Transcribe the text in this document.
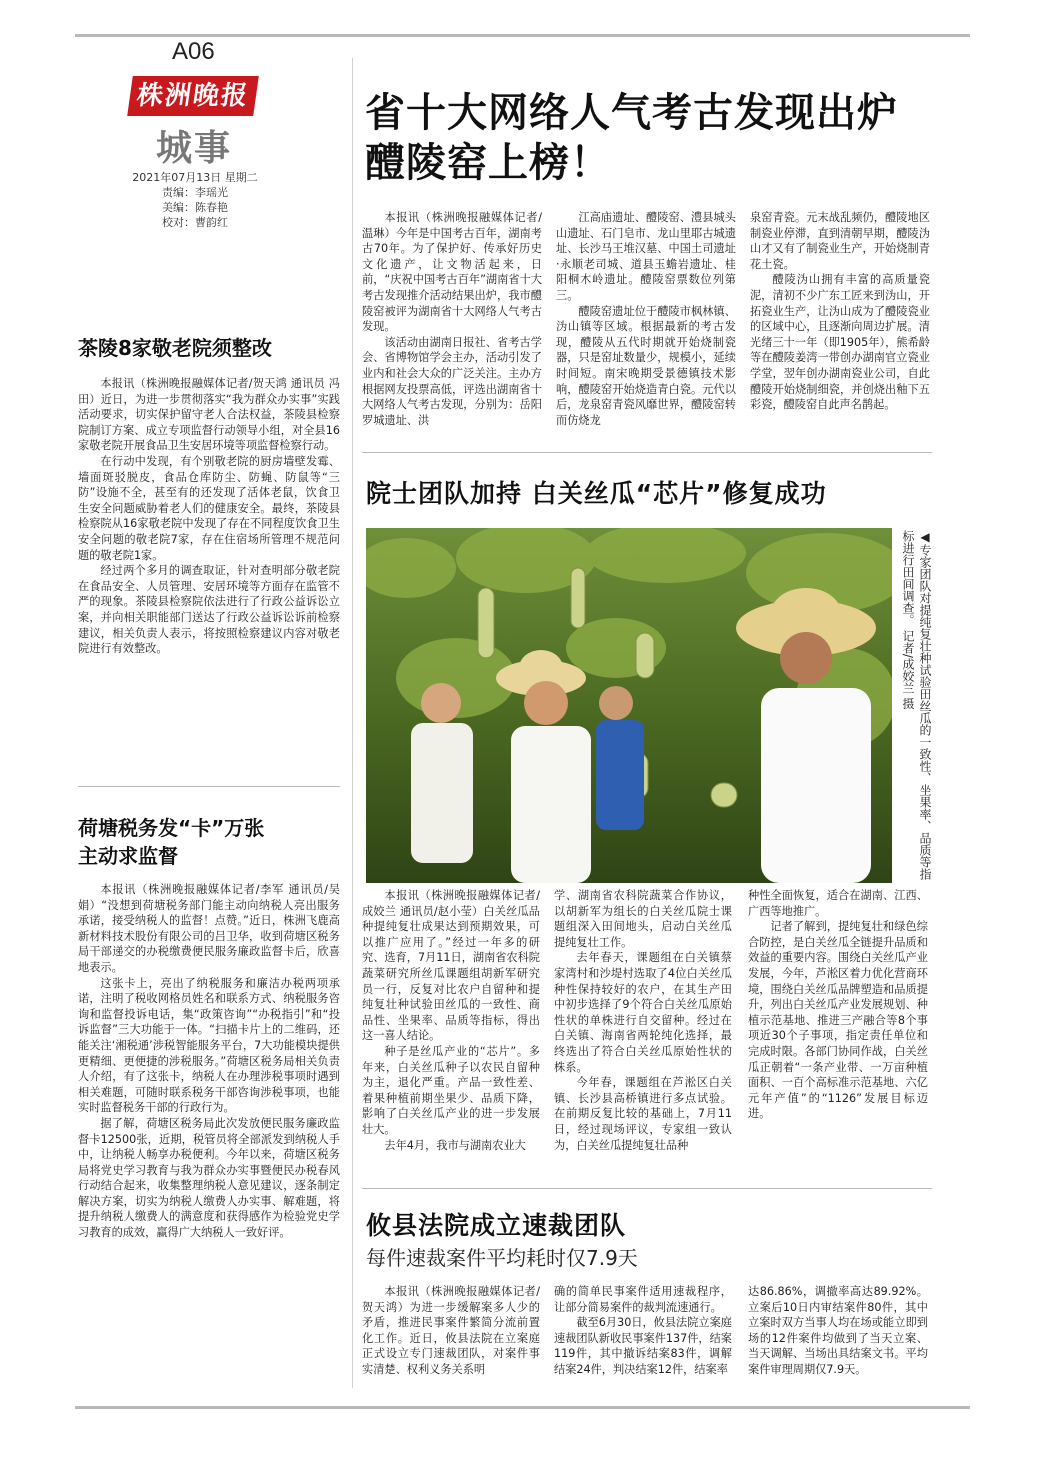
A06
株洲晚报
城事
2021年07月13日 星期二
责编：李瑶光
美编：陈春艳
校对：曹韵红
省十大网络人气考古发现出炉
醴陵窑上榜！

本报讯（株洲晚报融媒体记者/温琳）今年是中国考古百年，湖南考古70年。为了保护好、传承好历史文化遗产，让文物活起来，日前，“庆祝中国考古百年”湖南省十大考古发现推介活动结果出炉，我市醴陵窑被评为湖南省十大网络人气考古发现。

该活动由湖南日报社、省考古学会、省博物馆学会主办，活动引发了业内和社会大众的广泛关注。主办方根据网友投票高低，评选出湖南省十大网络人气考古发现，分别为：岳阳罗城遗址、洪

江高庙遗址、醴陵窑、澧县城头山遗址、石门皂市、龙山里耶古城遗址、长沙马王堆汉墓、中国土司遗址·永顺老司城、道县玉蟾岩遗址、桂阳桐木岭遗址。醴陵窑票数位列第三。

醴陵窑遗址位于醴陵市枫林镇、沩山镇等区域。根据最新的考古发现，醴陵从五代时期就开始烧制瓷器，只是窑址数量少，规模小，延续时间短。南宋晚期受景德镇技术影响，醴陵窑开始烧造青白瓷。元代以后，龙泉窑青瓷风靡世界，醴陵窑转而仿烧龙

泉窑青瓷。元末战乱频仍，醴陵地区制瓷业停滞，直到清朝早期，醴陵沩山才又有了制瓷业生产，开始烧制青花土瓷。

醴陵沩山拥有丰富的高质量瓷泥，清初不少广东工匠来到沩山，开拓瓷业生产，让沩山成为了醴陵瓷业的区域中心，且逐渐向周边扩展。清光绪三十一年（即1905年），熊希龄等在醴陵姜湾一带创办湖南官立瓷业学堂，翌年创办湖南瓷业公司，自此醴陵开始烧制细瓷，并创烧出釉下五彩瓷，醴陵窑自此声名鹊起。

茶陵8家敬老院须整改

本报讯（株洲晚报融媒体记者/贺天鸿 通讯员 冯田）近日，为进一步贯彻落实“我为群众办实事”实践活动要求，切实保护留守老人合法权益，茶陵县检察院制订方案、成立专项监督行动领导小组，对全县16家敬老院开展食品卫生安居环境等项监督检察行动。

在行动中发现，有个别敬老院的厨房墙壁发霉、墙面斑驳脱皮，食品仓库防尘、防蝇、防鼠等“三防”设施不全，甚至有的还发现了活体老鼠，饮食卫生安全问题威胁着老人们的健康安全。最终，茶陵县检察院从16家敬老院中发现了存在不同程度饮食卫生安全问题的敬老院7家，存在住宿场所管理不规范问题的敬老院1家。

经过两个多月的调查取证，针对查明部分敬老院在食品安全、人员管理、安居环境等方面存在监管不严的现象。茶陵县检察院依法进行了行政公益诉讼立案，并向相关职能部门送达了行政公益诉讼诉前检察建议，相关负责人表示，将按照检察建议内容对敬老院进行有效整改。

荷塘税务发“卡”万张
主动求监督

本报讯（株洲晚报融媒体记者/李军 通讯员/吴娟）“没想到荷塘税务部门能主动向纳税人亮出服务承诺，接受纳税人的监督！点赞。”近日，株洲飞鹿高新材料技术股份有限公司的吕卫华，收到荷塘区税务局干部递交的办税缴费便民服务廉政监督卡后，欣喜地表示。

这张卡上，亮出了纳税服务和廉洁办税两项承诺，注明了税收网格员姓名和联系方式、纳税服务咨询和监督投诉电话，集“政策咨询”“办税指引”和“投诉监督”三大功能于一体。“扫描卡片上的二维码，还能关注‘湘税通’涉税智能服务平台，7大功能模块提供更精细、更便捷的涉税服务。”荷塘区税务局相关负责人介绍，有了这张卡，纳税人在办理涉税事项时遇到相关难题，可随时联系税务干部咨询涉税事项，也能实时监督税务干部的行政行为。

据了解，荷塘区税务局此次发放便民服务廉政监督卡12500张，近期，税管员将全部派发到纳税人手中，让纳税人畅享办税便利。今年以来，荷塘区税务局将党史学习教育与我为群众办实事暨便民办税春风行动结合起来，收集整理纳税人意见建议，逐条制定解决方案，切实为纳税人缴费人办实事、解难题，将提升纳税人缴费人的满意度和获得感作为检验党史学习教育的成效，赢得广大纳税人一致好评。

院士团队加持 白关丝瓜“芯片”修复成功
◀专家团队对提纯复壮种试验田丝瓜的一致性、坐果率、品质等指标进行田间调查。 记者/成姣兰 摄

本报讯（株洲晚报融媒体记者/成姣兰 通讯员/赵小莹）白关丝瓜品种提纯复壮成果达到预期效果，可以推广应用了。”经过一年多的研究、选育，7月11日，湖南省农科院蔬菜研究所丝瓜课题组胡新军研究员一行，反复对比农户自留种和提纯复壮种试验田丝瓜的一致性、商品性、坐果率、品质等指标，得出这一喜人结论。

种子是丝瓜产业的“芯片”。多年来，白关丝瓜种子以农民自留种为主，退化严重。产品一致性差、着果种植前期坐果少、品质下降，影响了白关丝瓜产业的进一步发展壮大。

去年4月，我市与湖南农业大

学、湖南省农科院蔬菜合作协议，以胡新军为组长的白关丝瓜院士课题组深入田间地头，启动白关丝瓜提纯复壮工作。

去年春天，课题组在白关镇蔡家湾村和沙堤村选取了4位白关丝瓜种性保持较好的农户，在其生产田中初步选择了9个符合白关丝瓜原始性状的单株进行自交留种。经过在白关镇、海南省两轮纯化选择，最终选出了符合白关丝瓜原始性状的株系。

今年春，课题组在芦淞区白关镇、长沙县高桥镇进行多点试验。在前期反复比较的基础上，7月11日，经过现场评议，专家组一致认为，白关丝瓜提纯复壮品种

种性全面恢复，适合在湖南、江西、广西等地推广。

记者了解到，提纯复壮和绿色综合防控，是白关丝瓜全链提升品质和效益的重要内容。围绕白关丝瓜产业发展，今年，芦淞区着力优化营商环境，围绕白关丝瓜品牌塑造和品质提升，列出白关丝瓜产业发展规划、种植示范基地、推进三产融合等8个事项近30个子事项，指定责任单位和完成时限。各部门协同作战，白关丝瓜正朝着“一条产业带、一万亩种植面积、一百个高标准示范基地、六亿元年产值”的“1126”发展目标迈进。

攸县法院成立速裁团队
每件速裁案件平均耗时仅7.9天

本报讯（株洲晚报融媒体记者/贺天鸿）为进一步缓解案多人少的矛盾，推进民事案件繁简分流前置化工作。近日，攸县法院在立案庭正式设立专门速裁团队，对案件事实清楚、权利义务关系明

确的简单民事案件适用速裁程序，让部分简易案件的裁判流速通行。

截至6月30日，攸县法院立案庭速裁团队新收民事案件137件，结案119件，其中撤诉结案83件，调解结案24件，判决结案12件，结案率

达86.86%，调撤率高达89.92%。立案后10日内审结案件80件，其中立案时双方当事人均在场或能立即到场的12件案件均做到了当天立案、当天调解、当场出具结案文书。平均案件审理周期仅7.9天。
